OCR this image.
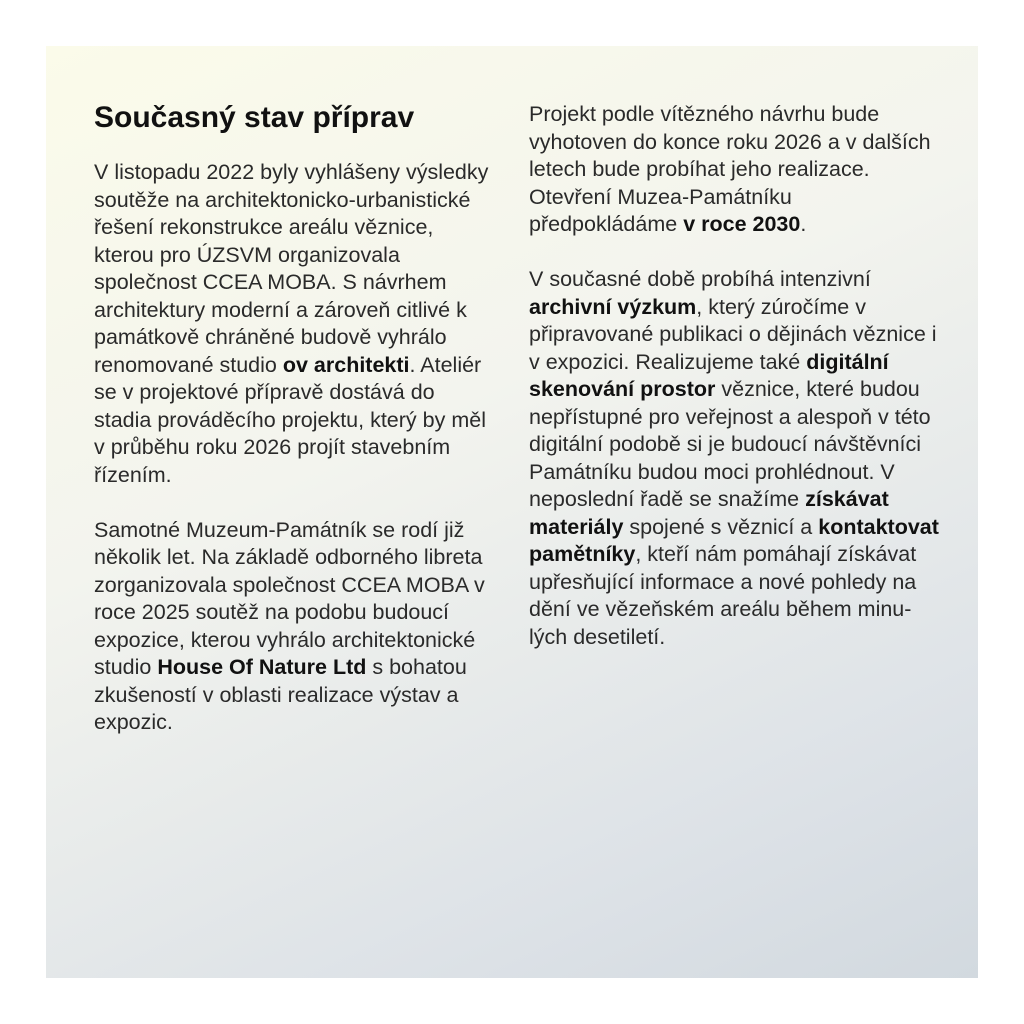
Současný stav příprav

V listopadu 2022 byly vyhlášeny výsledky soutěže na architektonicko-urbanistické řešení rekonstrukce areálu věznice, kterou pro ÚZSVM organizovala společnost CCEA MOBA. S návrhem architektury moderní a zároveň citlivé k památkově chráněné budově vyhrálo renomované studio ov architekti. Ateliér se v projektové přípravě dostává do stadia prováděcího projektu, který by měl v průběhu roku 2026 projít stavebním řízením.

Samotné Muzeum-Památník se rodí již několik let. Na základě odborného libreta zorganizovala společnost CCEA MOBA v roce 2025 soutěž na podobu budoucí expozice, kterou vyhrálo architektonické studio House Of Nature Ltd s bohatou zkušeností v oblasti realizace výstav a expozic.

Projekt podle vítězného návrhu bude vyhotoven do konce roku 2026 a v dalších letech bude probíhat jeho realizace. Otevření Muzea-Památníku předpokládáme v roce 2030.

V současné době probíhá intenzivní archivní výzkum, který zúročíme v připravované publikaci o dějinách věznice i v expozici. Realizujeme také digitální skenování prostor věznice, které budou nepřístupné pro veřejnost a alespoň v této digitální podobě si je budoucí návštěvníci Památníku budou moci prohlédnout. V neposlední řadě se snažíme získávat materiály spojené s věznicí a kontaktovat pamětníky, kteří nám pomáhají získávat upřesňující informace a nové pohledy na dění ve vězeňském areálu během minulých desetiletí.
